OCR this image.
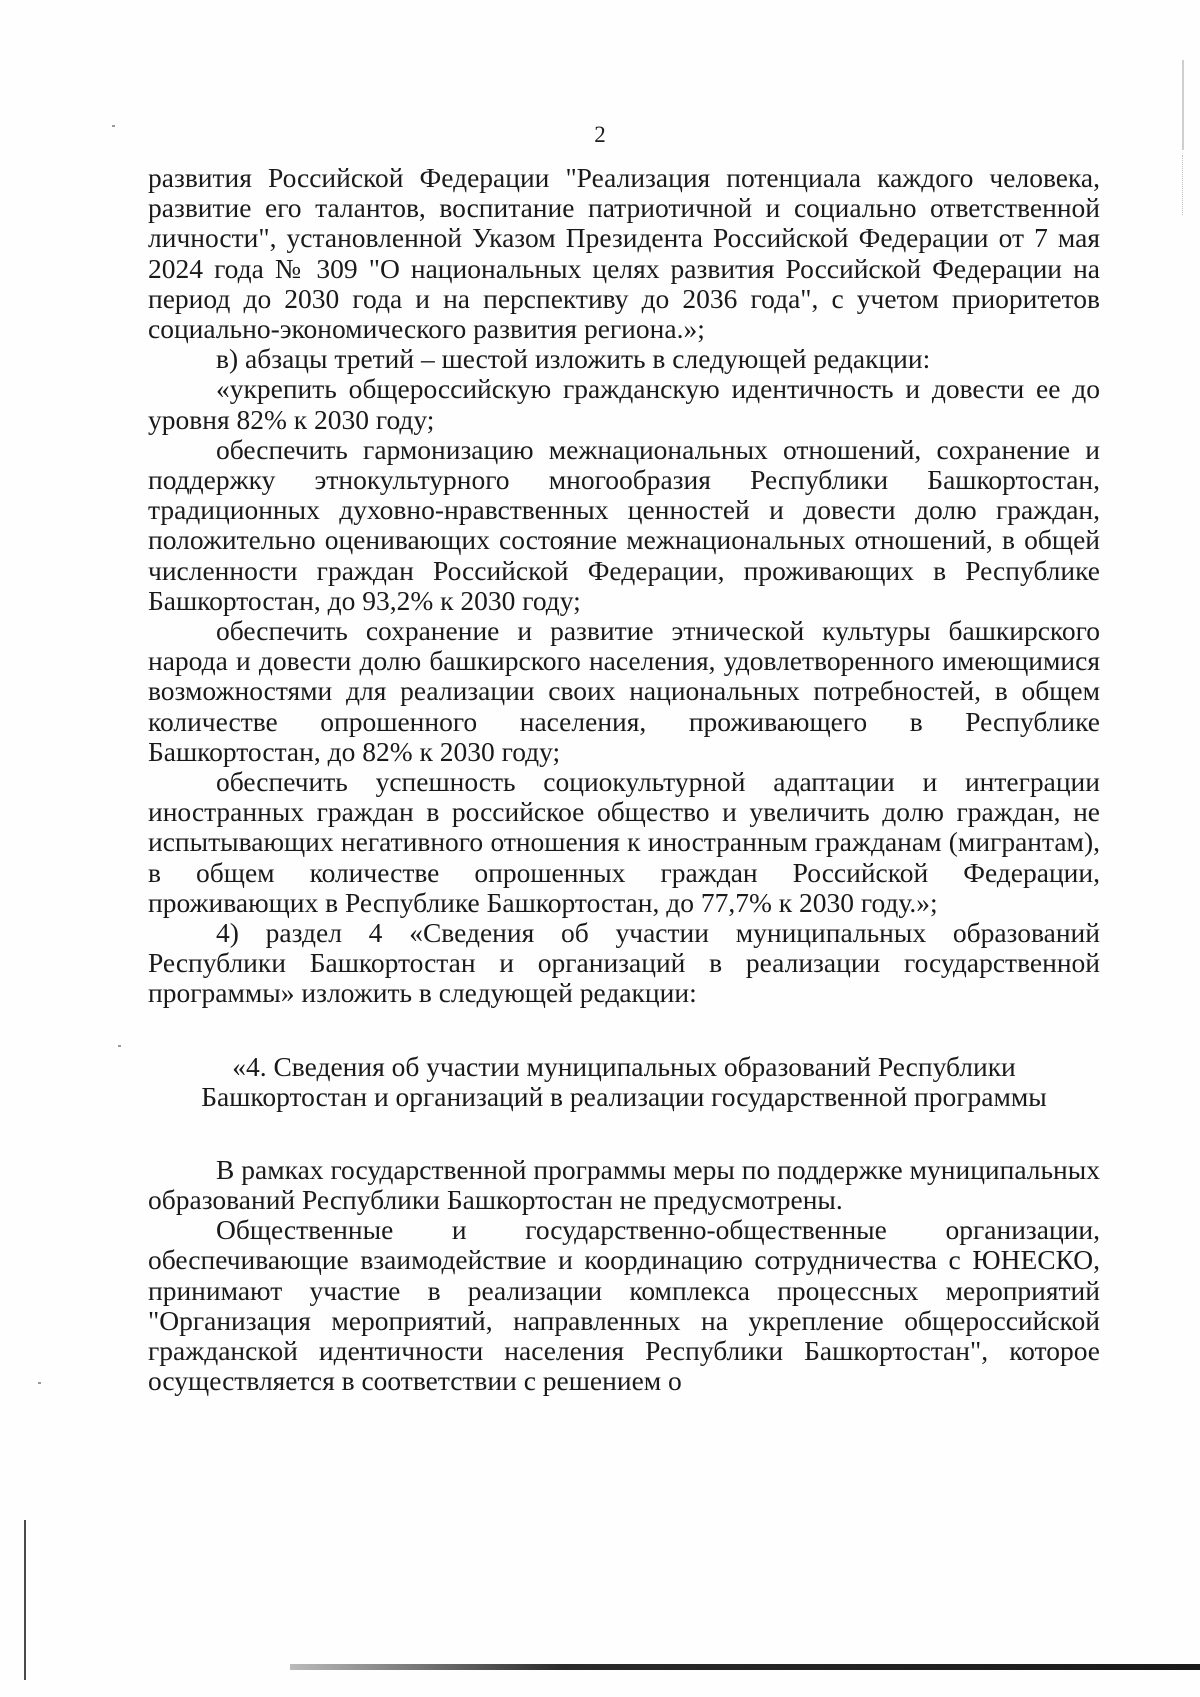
2

развития Российской Федерации "Реализация потенциала каждого человека, развитие его талантов, воспитание патриотичной и социально ответственной личности", установленной Указом Президента Российской Федерации от 7 мая 2024 года № 309 "О национальных целях развития Российской Федерации на период до 2030 года и на перспективу до 2036 года", с учетом приоритетов социально-экономического развития региона.»;

в) абзацы третий – шестой изложить в следующей редакции:

«укрепить общероссийскую гражданскую идентичность и довести ее до уровня 82% к 2030 году;

обеспечить гармонизацию межнациональных отношений, сохранение и поддержку этнокультурного многообразия Республики Башкортостан, традиционных духовно-нравственных ценностей и довести долю граждан, положительно оценивающих состояние межнациональных отношений, в общей численности граждан Российской Федерации, проживающих в Республике Башкортостан, до 93,2% к 2030 году;

обеспечить сохранение и развитие этнической культуры башкирского народа и довести долю башкирского населения, удовлетворенного имеющимися возможностями для реализации своих национальных потребностей, в общем количестве опрошенного населения, проживающего в Республике Башкортостан, до 82% к 2030 году;

обеспечить успешность социокультурной адаптации и интеграции иностранных граждан в российское общество и увеличить долю граждан, не испытывающих негативного отношения к иностранным гражданам (мигрантам), в общем количестве опрошенных граждан Российской Федерации, проживающих в Республике Башкортостан, до 77,7% к 2030 году.»;

4) раздел 4 «Сведения об участии муниципальных образований Республики Башкортостан и организаций в реализации государственной программы» изложить в следующей редакции:

«4. Сведения об участии муниципальных образований Республики
Башкортостан и организаций в реализации государственной программы

В рамках государственной программы меры по поддержке муниципальных образований Республики Башкортостан не предусмотрены.

Общественные и государственно-общественные организации, обеспечивающие взаимодействие и координацию сотрудничества с ЮНЕСКО, принимают участие в реализации комплекса процессных мероприятий "Организация мероприятий, направленных на укрепление общероссийской гражданской идентичности населения Республики Башкортостан", которое осуществляется в соответствии с решением о
